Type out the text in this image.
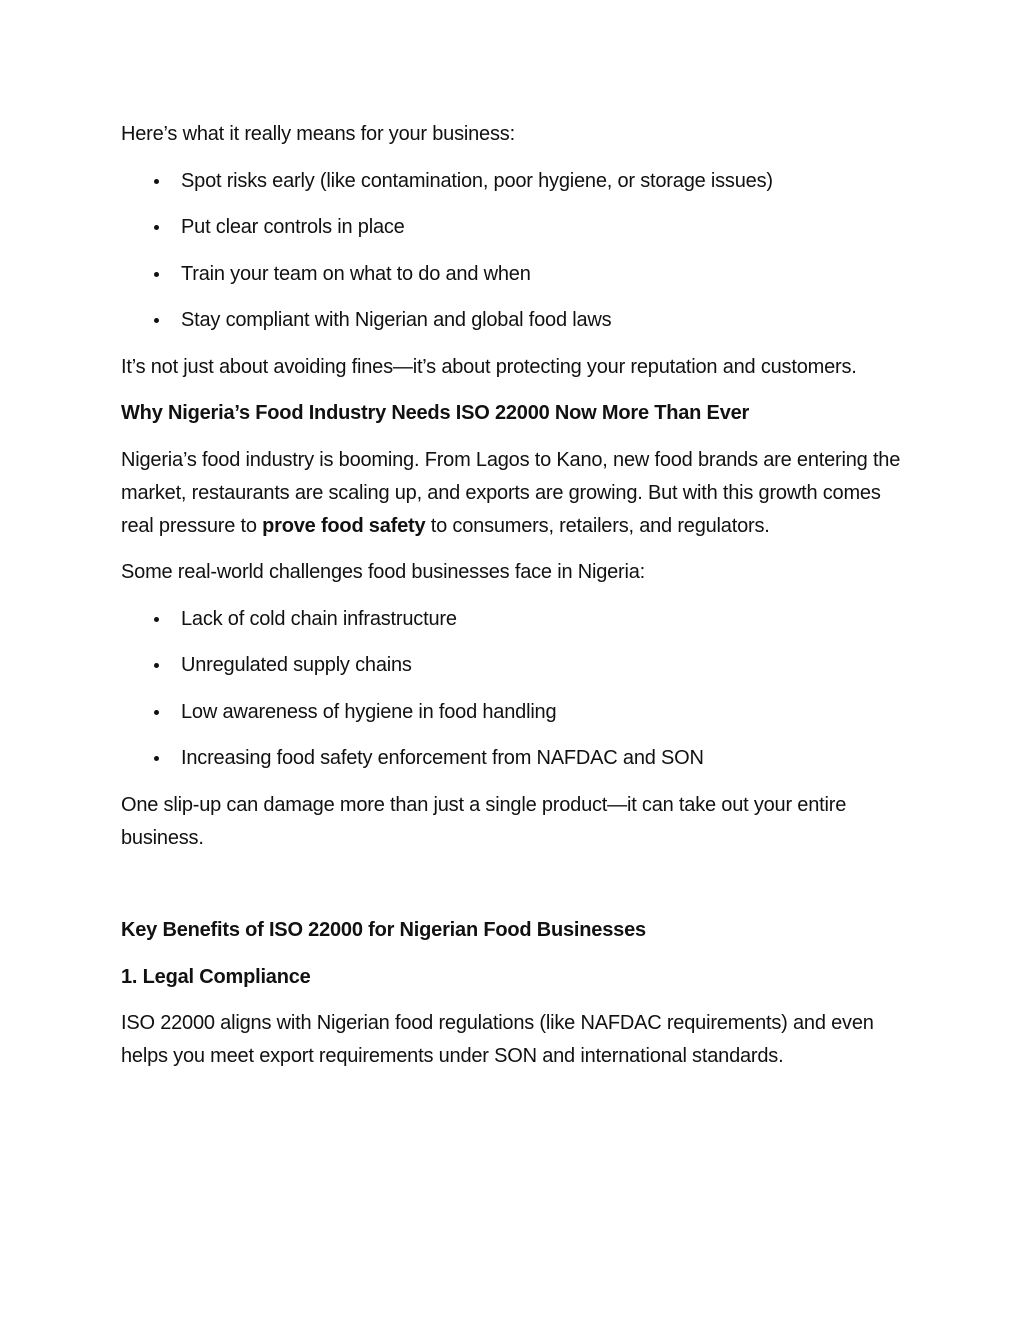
Here’s what it really means for your business:

Spot risks early (like contamination, poor hygiene, or storage issues)
Put clear controls in place
Train your team on what to do and when
Stay compliant with Nigerian and global food laws

It’s not just about avoiding fines—it’s about protecting your reputation and customers.

Why Nigeria’s Food Industry Needs ISO 22000 Now More Than Ever

Nigeria’s food industry is booming. From Lagos to Kano, new food brands are entering the market, restaurants are scaling up, and exports are growing. But with this growth comes real pressure to prove food safety to consumers, retailers, and regulators.

Some real-world challenges food businesses face in Nigeria:

Lack of cold chain infrastructure
Unregulated supply chains
Low awareness of hygiene in food handling
Increasing food safety enforcement from NAFDAC and SON

One slip-up can damage more than just a single product—it can take out your entire business.

Key Benefits of ISO 22000 for Nigerian Food Businesses
1. Legal Compliance

ISO 22000 aligns with Nigerian food regulations (like NAFDAC requirements) and even helps you meet export requirements under SON and international standards.
